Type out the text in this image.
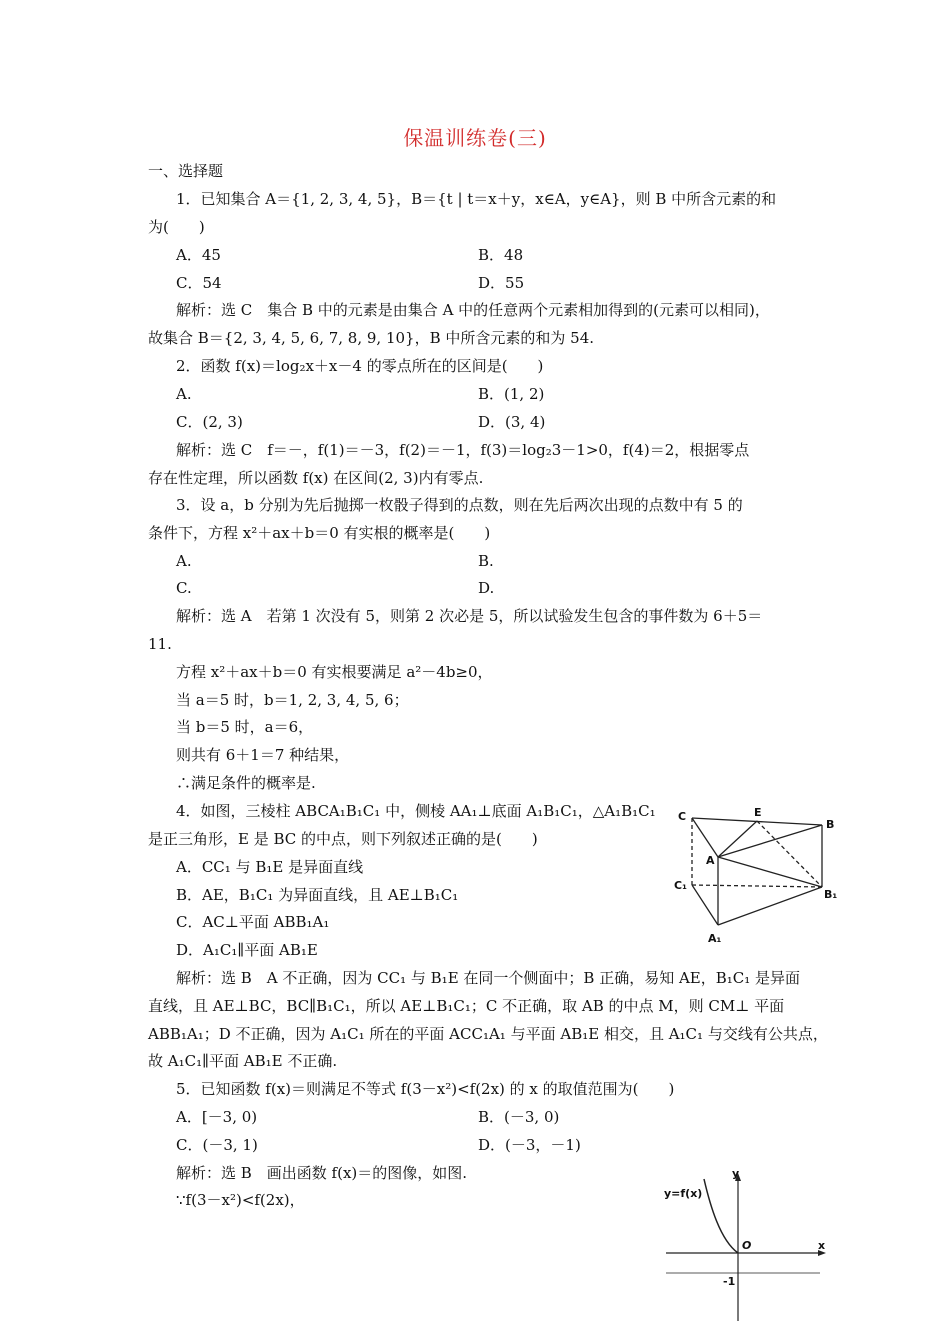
保温训练卷(三)
一、选择题
1．已知集合 A＝{1, 2, 3, 4, 5}，B＝{t | t＝x＋y，x∈A，y∈A}，则 B 中所含元素的和
为(　　)
A．45	B．48
C．54	D．55
解析：选 C　集合 B 中的元素是由集合 A 中的任意两个元素相加得到的(元素可以相同)，
故集合 B＝{2, 3, 4, 5, 6, 7, 8, 9, 10}，B 中所含元素的和为 54.
2．函数 f(x)＝log₂x＋x－4 的零点所在的区间是(　　)
A.	B．(1, 2)
C．(2, 3)	D．(3, 4)
解析：选 C　f＝－，f(1)＝－3，f(2)＝－1，f(3)＝log₂3－1>0，f(4)＝2，根据零点
存在性定理，所以函数 f(x) 在区间(2, 3)内有零点.
3．设 a，b 分别为先后抛掷一枚骰子得到的点数，则在先后两次出现的点数中有 5 的
条件下，方程 x²＋ax＋b＝0 有实根的概率是(　　)
A.	B.
C.	D.
解析：选 A　若第 1 次没有 5，则第 2 次必是 5，所以试验发生包含的事件数为 6＋5＝
11.
方程 x²＋ax＋b＝0 有实根要满足 a²－4b≥0，
当 a＝5 时，b＝1, 2, 3, 4, 5, 6；
当 b＝5 时，a＝6，
则共有 6＋1＝7 种结果，
∴满足条件的概率是.
4．如图，三棱柱 ABCA₁B₁C₁ 中，侧棱 AA₁⊥底面 A₁B₁C₁，△A₁B₁C₁
是正三角形，E 是 BC 的中点，则下列叙述正确的是(　　)
A．CC₁ 与 B₁E 是异面直线
B．AE，B₁C₁ 为异面直线，且 AE⊥B₁C₁
C．AC⊥平面 ABB₁A₁
D．A₁C₁∥平面 AB₁E
解析：选 B　A 不正确，因为 CC₁ 与 B₁E 在同一个侧面中；B 正确，易知 AE，B₁C₁ 是异面
直线，且 AE⊥BC，BC∥B₁C₁，所以 AE⊥B₁C₁；C 不正确，取 AB 的中点 M，则 CM⊥ 平面
ABB₁A₁；D 不正确，因为 A₁C₁ 所在的平面 ACC₁A₁ 与平面 AB₁E 相交，且 A₁C₁ 与交线有公共点，
故 A₁C₁∥平面 AB₁E 不正确.
C	E
B
A
C₁
B₁
A₁
5．已知函数 f(x)＝则满足不等式 f(3－x²)<f(2x) 的 x 的取值范围为(　　)
A．[－3, 0)	B．(－3, 0)
C．(－3, 1)	D．(－3，－1)
解析：选 B　画出函数 f(x)＝的图像，如图.
∵f(3－x²)<f(2x)，
y
x
O
y=f(x)
-1
